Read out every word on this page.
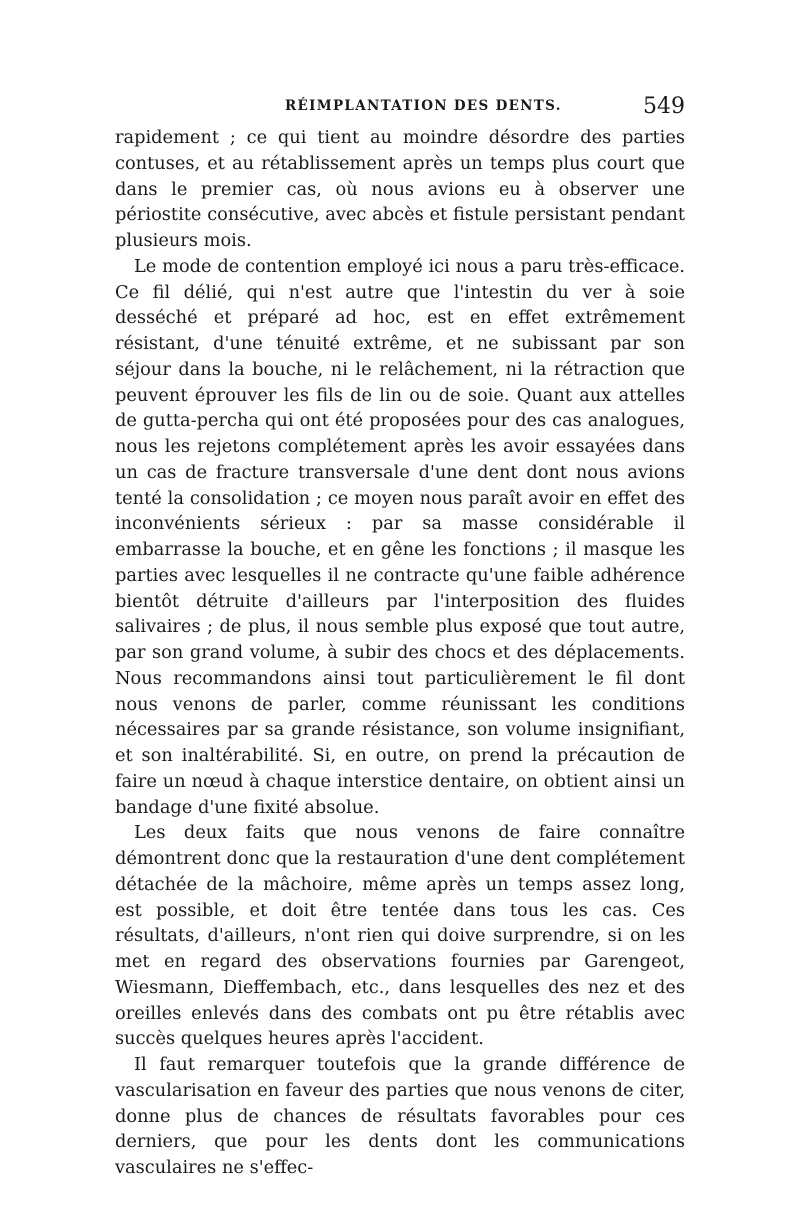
RÉIMPLANTATION DES DENTS.	549

rapidement ; ce qui tient au moindre désordre des parties contuses, et au rétablissement après un temps plus court que dans le premier cas, où nous avions eu à observer une périostite consécutive, avec abcès et fistule persistant pendant plusieurs mois.

Le mode de contention employé ici nous a paru très-efficace. Ce fil délié, qui n'est autre que l'intestin du ver à soie desséché et préparé ad hoc, est en effet extrêmement résistant, d'une ténuité extrême, et ne subissant par son séjour dans la bouche, ni le relâchement, ni la rétraction que peuvent éprouver les fils de lin ou de soie. Quant aux attelles de gutta-percha qui ont été proposées pour des cas analogues, nous les rejetons complétement après les avoir essayées dans un cas de fracture transversale d'une dent dont nous avions tenté la consolidation ; ce moyen nous paraît avoir en effet des inconvénients sérieux : par sa masse considérable il embarrasse la bouche, et en gêne les fonctions ; il masque les parties avec lesquelles il ne contracte qu'une faible adhérence bientôt détruite d'ailleurs par l'interposition des fluides salivaires ; de plus, il nous semble plus exposé que tout autre, par son grand volume, à subir des chocs et des déplacements. Nous recommandons ainsi tout particulièrement le fil dont nous venons de parler, comme réunissant les conditions nécessaires par sa grande résistance, son volume insignifiant, et son inaltérabilité. Si, en outre, on prend la précaution de faire un nœud à chaque interstice dentaire, on obtient ainsi un bandage d'une fixité absolue.

Les deux faits que nous venons de faire connaître démontrent donc que la restauration d'une dent complétement détachée de la mâchoire, même après un temps assez long, est possible, et doit être tentée dans tous les cas. Ces résultats, d'ailleurs, n'ont rien qui doive surprendre, si on les met en regard des observations fournies par Garengeot, Wiesmann, Dieffembach, etc., dans lesquelles des nez et des oreilles enlevés dans des combats ont pu être rétablis avec succès quelques heures après l'accident.

Il faut remarquer toutefois que la grande différence de vascularisation en faveur des parties que nous venons de citer, donne plus de chances de résultats favorables pour ces derniers, que pour les dents dont les communications vasculaires ne s'effec-
